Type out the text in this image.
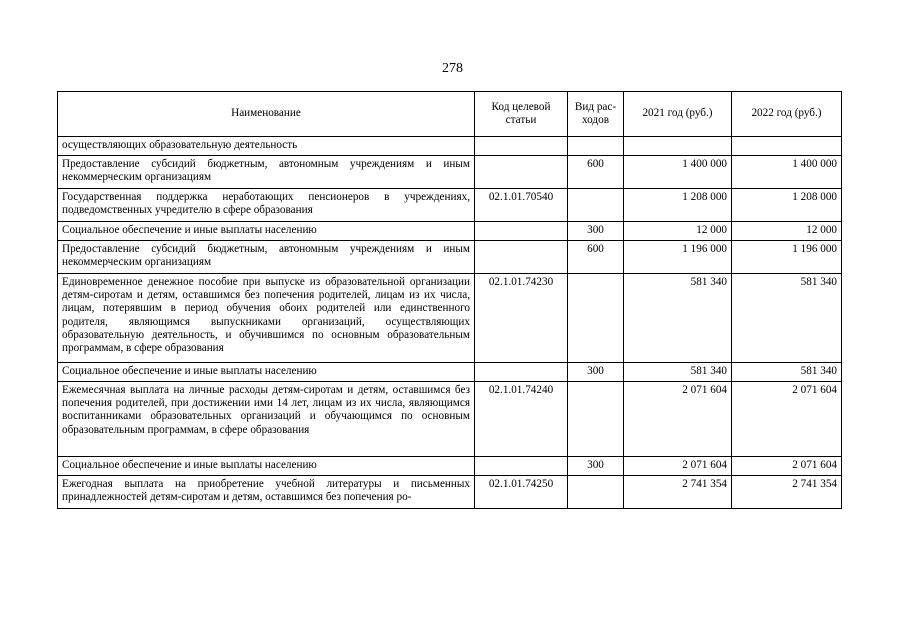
278
Наименование	Код целевой статьи	Вид рас- ходов	2021 год (руб.)	2022 год (руб.)
осуществляющих образовательную деятельность				
Предоставление субсидий бюджетным, автономным учреждениям и иным некоммерческим организациям		600	1 400 000	1 400 000
Государственная поддержка неработающих пенсионеров в учреждениях, подведомственных учредителю в сфере образования	02.1.01.70540		1 208 000	1 208 000
Социальное обеспечение и иные выплаты населению		300	12 000	12 000
Предоставление субсидий бюджетным, автономным учреждениям и иным некоммерческим организациям		600	1 196 000	1 196 000
Единовременное денежное пособие при выпуске из образовательной организации детям-сиротам и детям, оставшимся без попечения родителей, лицам из их числа, лицам, потерявшим в период обучения обоих родителей или единственного родителя, являющимся выпускниками организаций, осуществляющих образовательную деятельность, и обучившимся по основным образовательным программам, в сфере образования	02.1.01.74230		581 340	581 340
Социальное обеспечение и иные выплаты населению		300	581 340	581 340
Ежемесячная выплата на личные расходы детям-сиротам и детям, оставшимся без попечения родителей, при достижении ими 14 лет, лицам из их числа, являющимся воспитанниками образовательных организаций и обучающимся по основным образовательным программам, в сфере образования	02.1.01.74240		2 071 604	2 071 604
Социальное обеспечение и иные выплаты населению		300	2 071 604	2 071 604
Ежегодная выплата на приобретение учебной литературы и письменных принадлежностей детям-сиротам и детям, оставшимся без попечения ро-	02.1.01.74250		2 741 354	2 741 354
